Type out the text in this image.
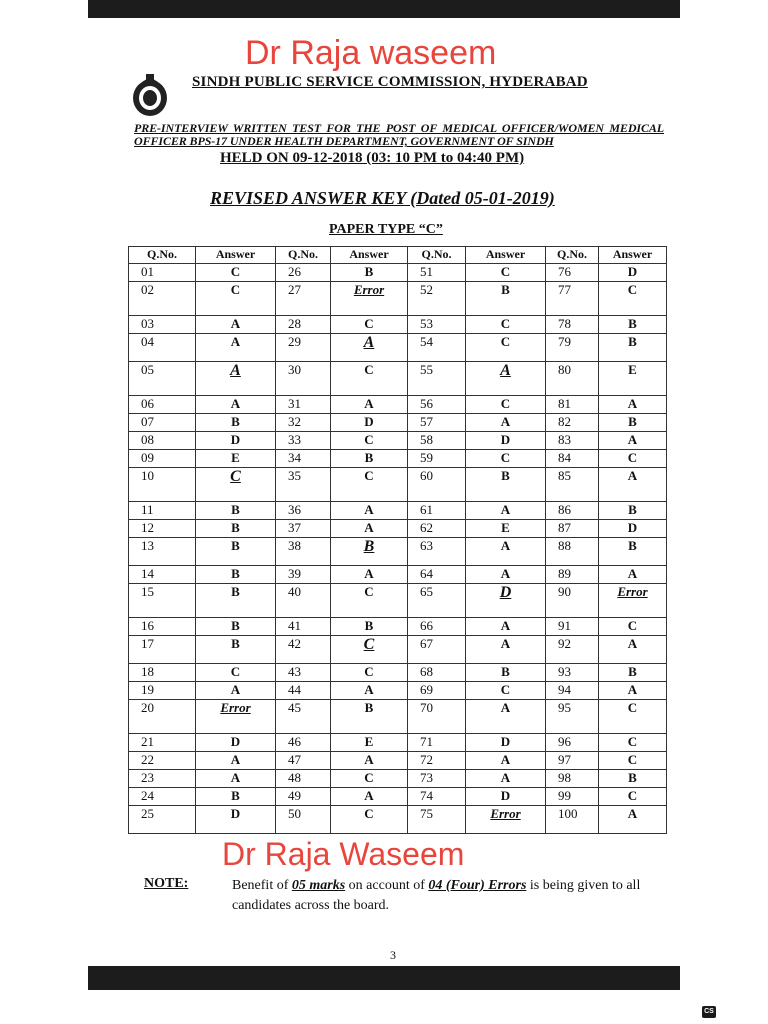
Dr Raja waseem
SINDH PUBLIC SERVICE COMMISSION, HYDERABAD
PRE-INTERVIEW WRITTEN TEST FOR THE POST OF MEDICAL OFFICER/WOMEN MEDICAL OFFICER BPS-17 UNDER HEALTH DEPARTMENT, GOVERNMENT OF SINDH
HELD ON 09-12-2018 (03: 10 PM to 04:40 PM)
REVISED ANSWER KEY (Dated 05-01-2019)
PAPER TYPE “C”
Q.No.	Answer	Q.No.	Answer	Q.No.	Answer	Q.No.	Answer
01	C	26	B	51	C	76	D
02	C	27	Error	52	B	77	C
03	A	28	C	53	C	78	B
04	A	29	A	54	C	79	B
05	A	30	C	55	A	80	E
06	A	31	A	56	C	81	A
07	B	32	D	57	A	82	B
08	D	33	C	58	D	83	A
09	E	34	B	59	C	84	C
10	C	35	C	60	B	85	A
11	B	36	A	61	A	86	B
12	B	37	A	62	E	87	D
13	B	38	B	63	A	88	B
14	B	39	A	64	A	89	A
15	B	40	C	65	D	90	Error
16	B	41	B	66	A	91	C
17	B	42	C	67	A	92	A
18	C	43	C	68	B	93	B
19	A	44	A	69	C	94	A
20	Error	45	B	70	A	95	C
21	D	46	E	71	D	96	C
22	A	47	A	72	A	97	C
23	A	48	C	73	A	98	B
24	B	49	A	74	D	99	C
25	D	50	C	75	Error	100	A
Dr Raja Waseem
NOTE:	Benefit of 05 marks on account of 04 (Four) Errors is being given to all candidates across the board.
3
CS
